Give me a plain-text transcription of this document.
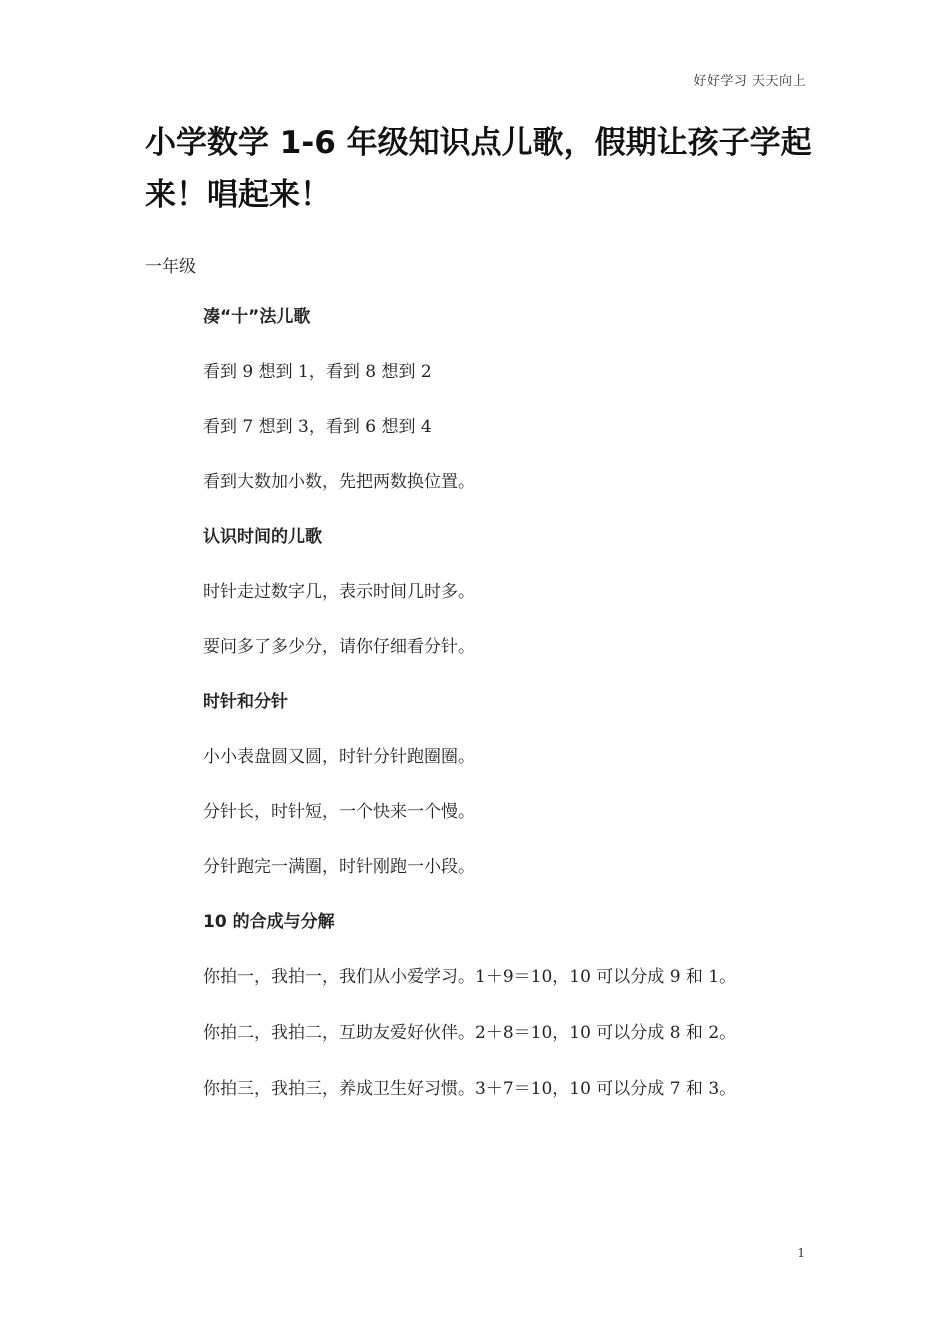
好好学习 天天向上
小学数学 1-6 年级知识点儿歌，假期让孩子学起来！唱起来！
一年级

凑“十”法儿歌

看到 9 想到 1，看到 8 想到 2

看到 7 想到 3，看到 6 想到 4

看到大数加小数，先把两数换位置。

认识时间的儿歌

时针走过数字几，表示时间几时多。

要问多了多少分，请你仔细看分针。

时针和分针

小小表盘圆又圆，时针分针跑圈圈。

分针长，时针短，一个快来一个慢。

分针跑完一满圈，时针刚跑一小段。

10 的合成与分解

你拍一，我拍一，我们从小爱学习。1＋9＝10，10 可以分成 9 和 1。

你拍二，我拍二，互助友爱好伙伴。2＋8＝10，10 可以分成 8 和 2。

你拍三，我拍三，养成卫生好习惯。3＋7＝10，10 可以分成 7 和 3。

1
